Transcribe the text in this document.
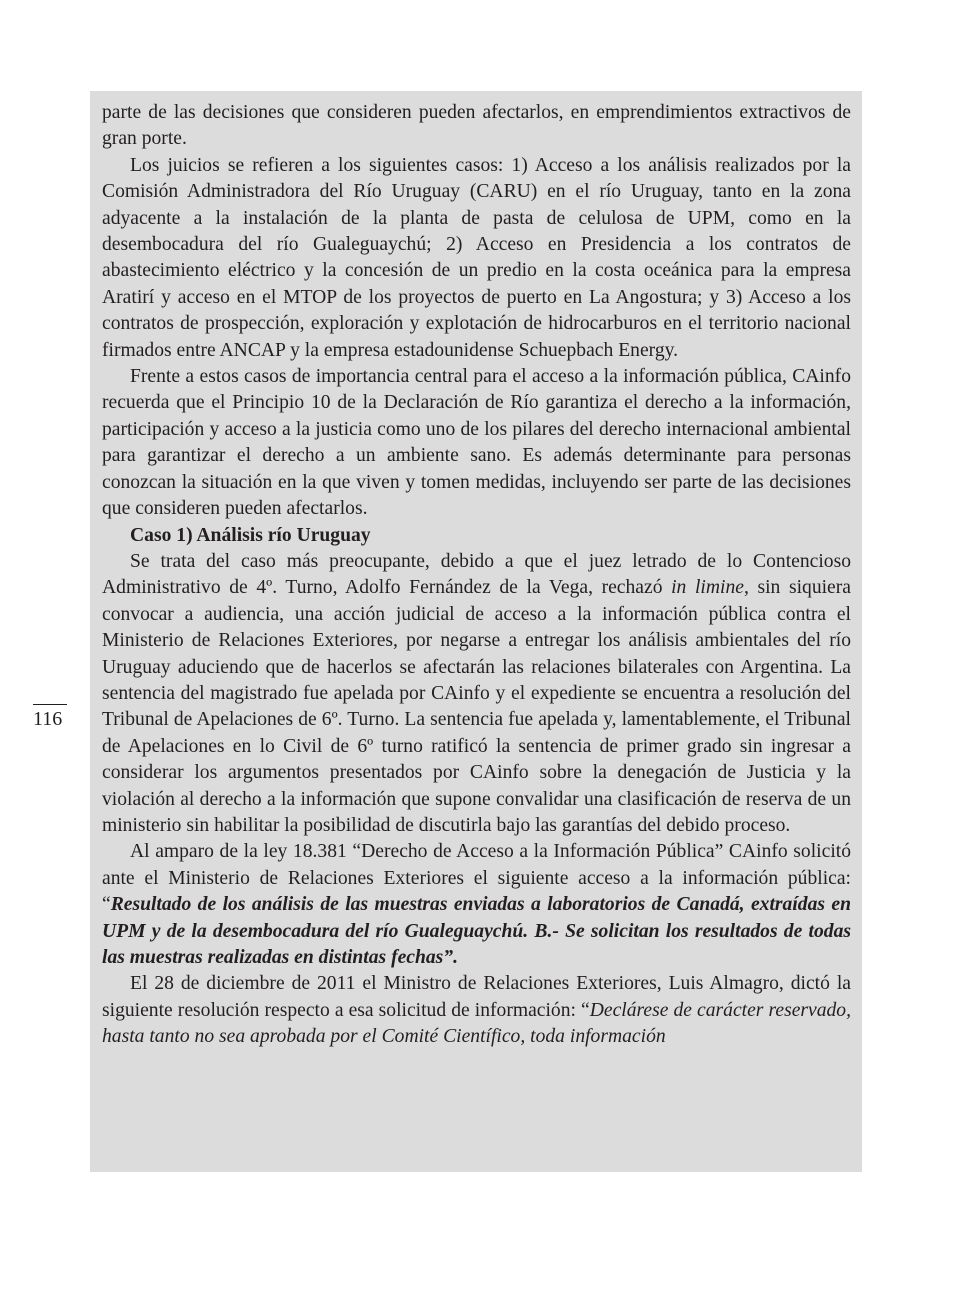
parte de las decisiones que consideren pueden afectarlos, en emprendimientos extractivos de gran porte.

Los juicios se refieren a los siguientes casos: 1) Acceso a los análisis realizados por la Comisión Administradora del Río Uruguay (CARU) en el río Uruguay, tanto en la zona adyacente a la instalación de la planta de pasta de celulosa de UPM, como en la desembocadura del río Gualeguaychú; 2) Acceso en Presidencia a los contratos de abastecimiento eléctrico y la concesión de un predio en la costa oceánica para la empresa Aratirí y acceso en el MTOP de los proyectos de puerto en La Angostura; y 3) Acceso a los contratos de prospección, exploración y explotación de hidrocarburos en el territorio nacional firmados entre ANCAP y la empresa estadounidense Schuepbach Energy.

Frente a estos casos de importancia central para el acceso a la información pública, CAinfo recuerda que el Principio 10 de la Declaración de Río garantiza el derecho a la información, participación y acceso a la justicia como uno de los pilares del derecho internacional ambiental para garantizar el derecho a un ambiente sano. Es además determinante para personas conozcan la situación en la que viven y tomen medidas, incluyendo ser parte de las decisiones que consideren pueden afectarlos.

Caso 1) Análisis río Uruguay

Se trata del caso más preocupante, debido a que el juez letrado de lo Contencioso Administrativo de 4º. Turno, Adolfo Fernández de la Vega, rechazó in limine, sin siquiera convocar a audiencia, una acción judicial de acceso a la información pública contra el Ministerio de Relaciones Exteriores, por negarse a entregar los análisis ambientales del río Uruguay aduciendo que de hacerlos se afectarán las relaciones bilaterales con Argentina. La sentencia del magistrado fue apelada por CAinfo y el expediente se encuentra a resolución del Tribunal de Apelaciones de 6º. Turno. La sentencia fue apelada y, lamentablemente, el Tribunal de Apelaciones en lo Civil de 6º turno ratificó la sentencia de primer grado sin ingresar a considerar los argumentos presentados por CAinfo sobre la denegación de Justicia y la violación al derecho a la información que supone convalidar una clasificación de reserva de un ministerio sin habilitar la posibilidad de discutirla bajo las garantías del debido proceso.

Al amparo de la ley 18.381 “Derecho de Acceso a la Información Pública” CAinfo solicitó ante el Ministerio de Relaciones Exteriores el siguiente acceso a la información pública: “Resultado de los análisis de las muestras enviadas a laboratorios de Canadá, extraídas en UPM y de la desembocadura del río Gualeguaychú. B.- Se solicitan los resultados de todas las muestras realizadas en distintas fechas”.

El 28 de diciembre de 2011 el Ministro de Relaciones Exteriores, Luis Almagro, dictó la siguiente resolución respecto a esa solicitud de información: “Declárese de carácter reservado, hasta tanto no sea aprobada por el Comité Científico, toda información

116
